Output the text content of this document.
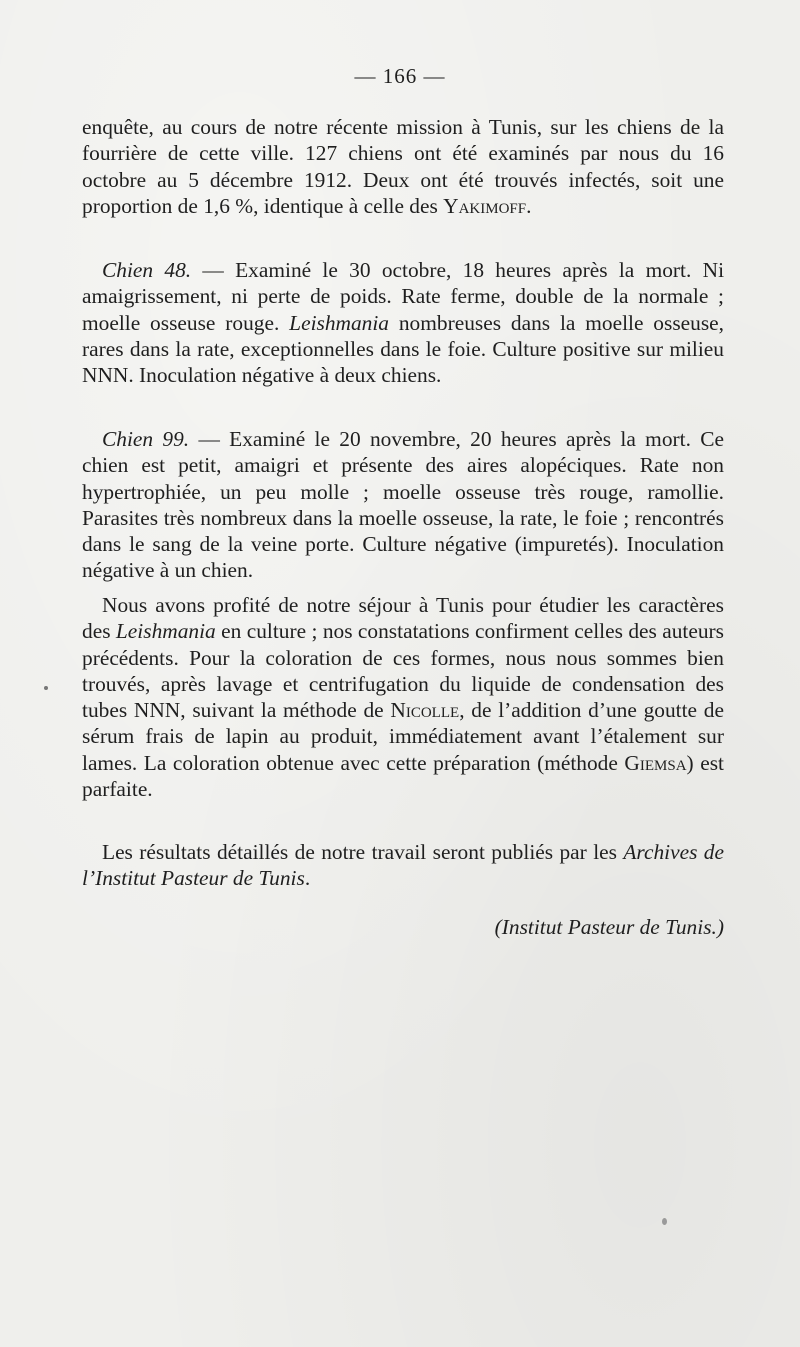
— 166 —

enquête, au cours de notre récente mission à Tunis, sur les chiens de la fourrière de cette ville. 127 chiens ont été examinés par nous du 16 octobre au 5 décembre 1912. Deux ont été trouvés infectés, soit une proportion de 1,6 %, identique à celle des Yakimoff.

Chien 48. — Examiné le 30 octobre, 18 heures après la mort. Ni amaigrissement, ni perte de poids. Rate ferme, double de la normale ; moelle osseuse rouge. Leishmania nombreuses dans la moelle osseuse, rares dans la rate, exceptionnelles dans le foie. Culture positive sur milieu NNN. Inoculation négative à deux chiens.

Chien 99. — Examiné le 20 novembre, 20 heures après la mort. Ce chien est petit, amaigri et présente des aires alopéciques. Rate non hypertrophiée, un peu molle ; moelle osseuse très rouge, ramollie. Parasites très nombreux dans la moelle osseuse, la rate, le foie ; rencontrés dans le sang de la veine porte. Culture négative (impuretés). Inoculation négative à un chien.

Nous avons profité de notre séjour à Tunis pour étudier les caractères des Leishmania en culture ; nos constatations confirment celles des auteurs précédents. Pour la coloration de ces formes, nous nous sommes bien trouvés, après lavage et centrifugation du liquide de condensation des tubes NNN, suivant la méthode de Nicolle, de l’addition d’une goutte de sérum frais de lapin au produit, immédiatement avant l’étalement sur lames. La coloration obtenue avec cette préparation (méthode Giemsa) est parfaite.

Les résultats détaillés de notre travail seront publiés par les Archives de l’Institut Pasteur de Tunis.

(Institut Pasteur de Tunis.)
